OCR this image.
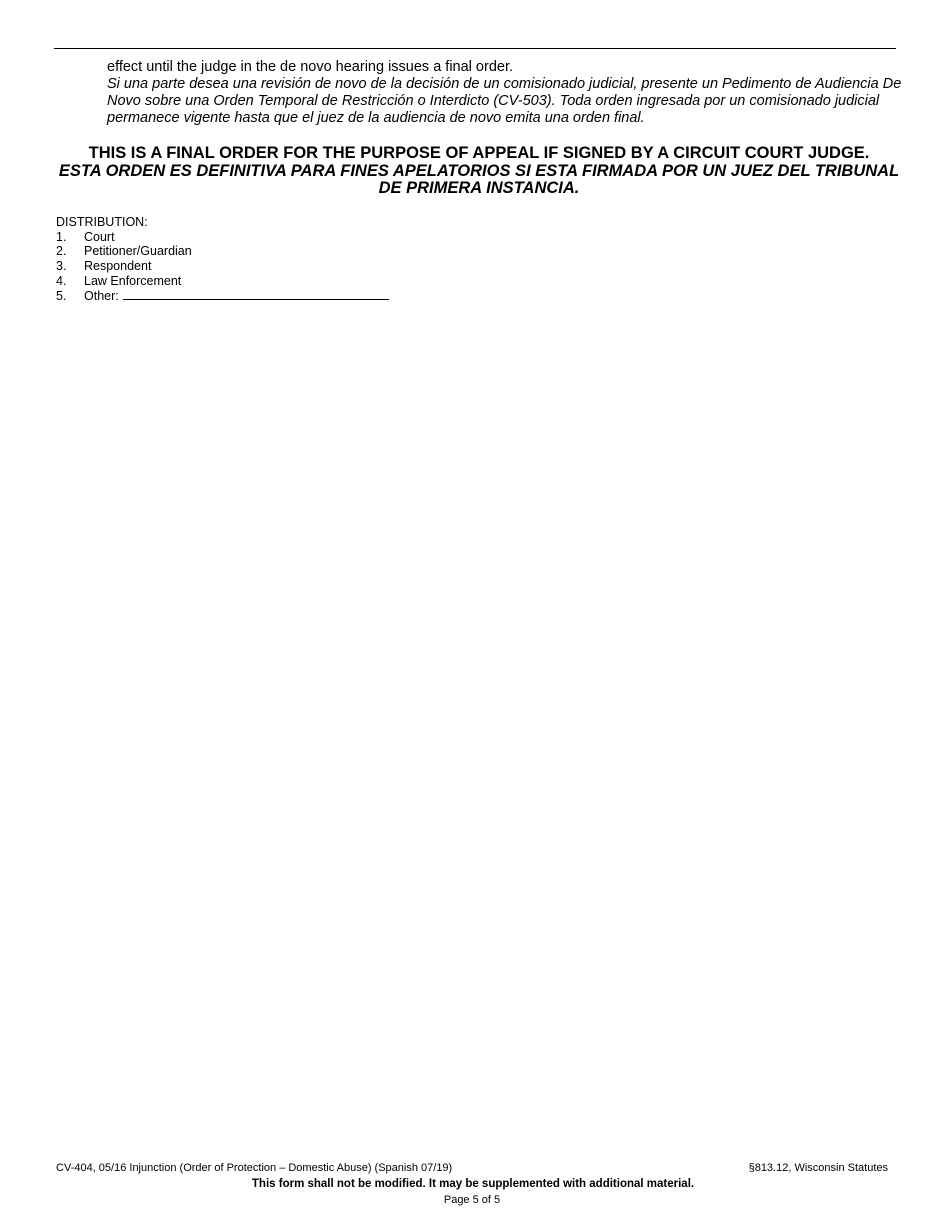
effect until the judge in the de novo hearing issues a final order.
Si una parte desea una revisión de novo de la decisión de un comisionado judicial, presente un Pedimento de Audiencia De Novo sobre una Orden Temporal de Restricción o Interdicto (CV-503). Toda orden ingresada por un comisionado judicial permanece vigente hasta que el juez de la audiencia de novo emita una orden final.
THIS IS A FINAL ORDER FOR THE PURPOSE OF APPEAL IF SIGNED BY A CIRCUIT COURT JUDGE.
ESTA ORDEN ES DEFINITIVA PARA FINES APELATORIOS SI ESTA FIRMADA POR UN JUEZ DEL TRIBUNAL DE PRIMERA INSTANCIA.
DISTRIBUTION:
1.	Court
2.	Petitioner/Guardian
3.	Respondent
4.	Law Enforcement
5.	Other:
CV-404, 05/16 Injunction (Order of Protection – Domestic Abuse) (Spanish 07/19)	§813.12, Wisconsin Statutes
This form shall not be modified. It may be supplemented with additional material.
Page 5 of 5
